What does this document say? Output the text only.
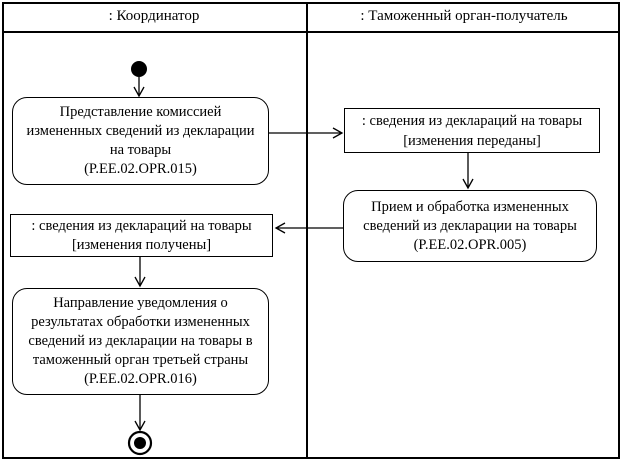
: Координатор	: Таможенный орган-получатель
Представление комиссией
измененных сведений из декларации
на товары
(P.EE.02.OPR.015)
: сведения из деклараций на товары
[изменения переданы]
Прием и обработка измененных
сведений из декларации на товары
(P.EE.02.OPR.005)
: сведения из деклараций на товары
[изменения получены]
Направление уведомления о
результатах обработки измененных
сведений из декларации на товары в
таможенный орган третьей страны
(P.EE.02.OPR.016)
